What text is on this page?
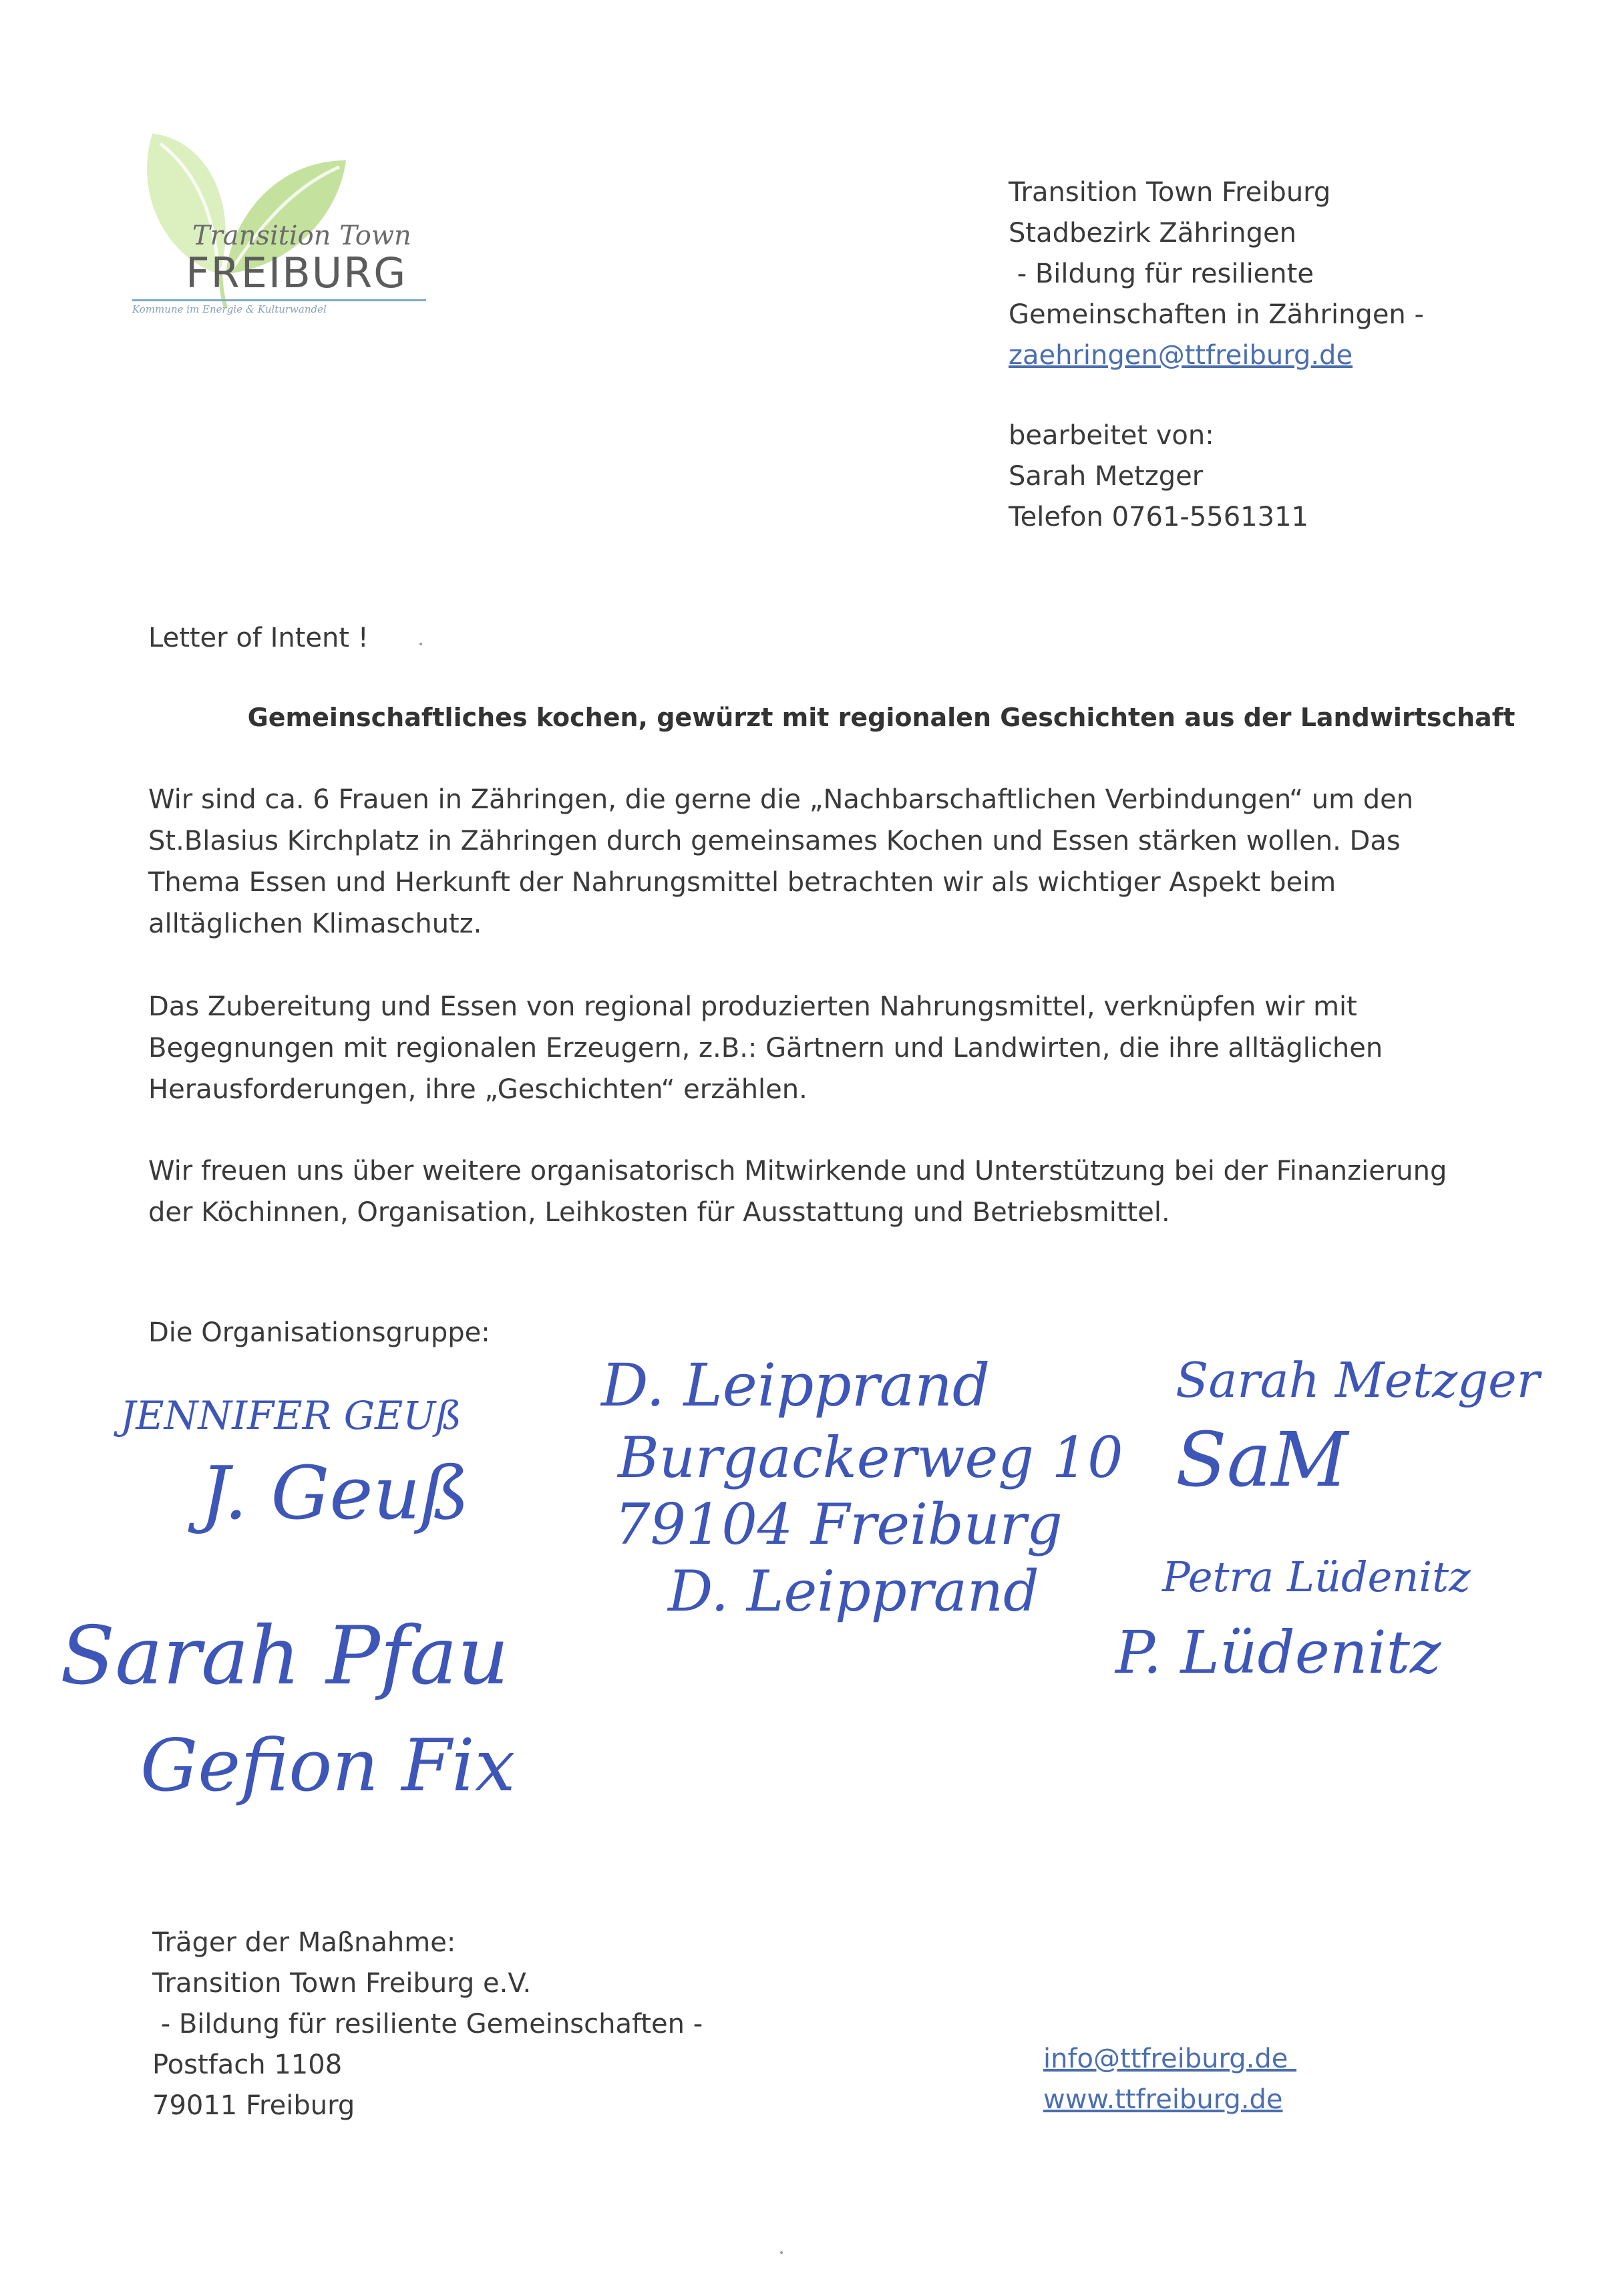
Transition Town
FREIBURG
Kommune im Energie & Kulturwandel
Transition Town Freiburg
Stadbezirk Zähringen
- Bildung für resiliente
Gemeinschaften in Zähringen -
zaehringen@ttfreiburg.de
bearbeitet von:
Sarah Metzger
Telefon 0761-5561311
Letter of Intent !
Gemeinschaftliches kochen, gewürzt mit regionalen Geschichten aus der Landwirtschaft
Wir sind ca. 6 Frauen in Zähringen, die gerne die „Nachbarschaftlichen Verbindungen“ um den
St.Blasius Kirchplatz in Zähringen durch gemeinsames Kochen und Essen stärken wollen. Das
Thema Essen und Herkunft der Nahrungsmittel betrachten wir als wichtiger Aspekt beim
alltäglichen Klimaschutz.
Das Zubereitung und Essen von regional produzierten Nahrungsmittel, verknüpfen wir mit
Begegnungen mit regionalen Erzeugern, z.B.: Gärtnern und Landwirten, die ihre alltäglichen
Herausforderungen, ihre „Geschichten“ erzählen.
Wir freuen uns über weitere organisatorisch Mitwirkende und Unterstützung bei der Finanzierung
der Köchinnen, Organisation, Leihkosten für Ausstattung und Betriebsmittel.
Die Organisationsgruppe:
JENNIFER GEUß
J. Geuß
Sarah Pfau
Gefion Fix
D. Leipprand
Burgackerweg 10
79104 Freiburg
D. Leipprand
Sarah Metzger
SaM
Petra Lüdenitz
P. Lüdenitz
Träger der Maßnahme:
Transition Town Freiburg e.V.
- Bildung für resiliente Gemeinschaften -
Postfach 1108
79011 Freiburg
info@ttfreiburg.de
www.ttfreiburg.de
